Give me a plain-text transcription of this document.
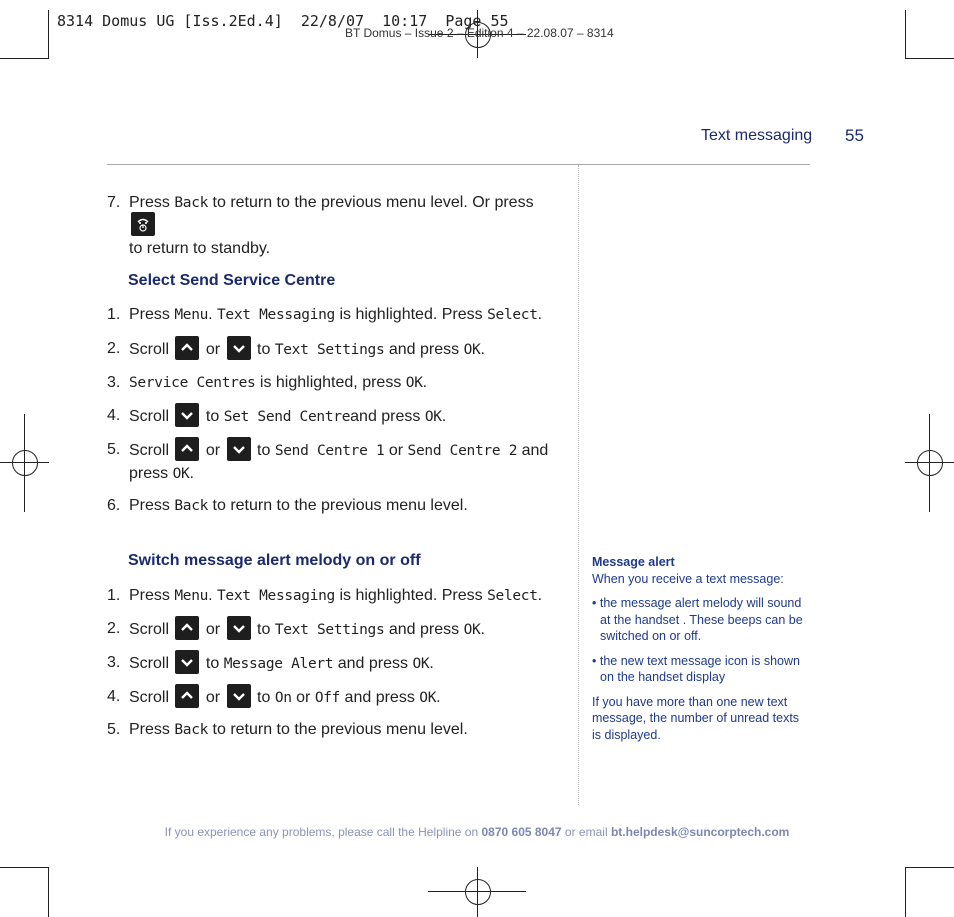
8314 Domus UG [Iss.2Ed.4]  22/8/07  10:17  Page 55
BT Domus – Issue 2 – Edition 4 – 22.08.07 – 8314
Text messaging 55
7. Press Back to return to the previous menu level. Or press

to return to standby.
Select Send Service Centre
1. Press Menu. Text Messaging is highlighted. Press Select.
2. Scroll
or
to Text Settings and press OK.
3. Service Centres is highlighted, press OK.
4. Scroll
to Set Send Centreand press OK.
5. Scroll
or
to Send Centre 1 or Send Centre 2 and
press OK.
6. Press Back to return to the previous menu level.
Switch message alert melody on or off
1. Press Menu. Text Messaging is highlighted. Press Select.
2. Scroll
or
to Text Settings and press OK.
3. Scroll
to Message Alert and press OK.
4. Scroll
or
to On or Off and press OK.
5. Press Back to return to the previous menu level.
Message alert
When you receive a text message:
• the message alert melody will sound
at the handset . These beeps can be
switched on or off.
• the new text message icon is shown
on the handset display
If you have more than one new text
message, the number of unread texts
is displayed.
If you experience any problems, please call the Helpline on 0870 605 8047 or email bt.helpdesk@suncorptech.com
